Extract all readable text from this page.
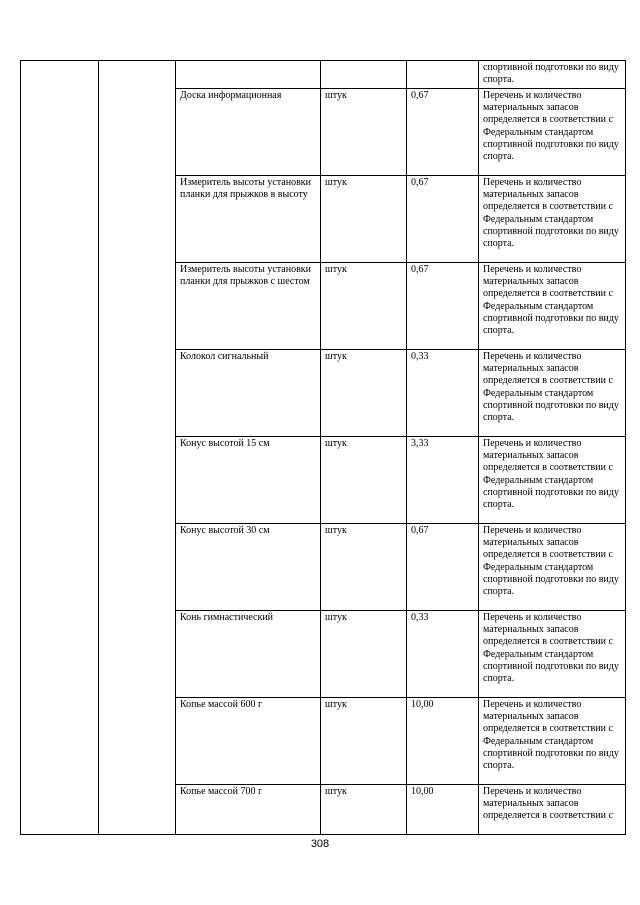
					спортивной подготовки по виду спорта.
		Доска информационная	штук	0,67	Перечень и количество материальных запасов определяется в соответствии с Федеральным стандартом спортивной подготовки по виду спорта.
		Измеритель высоты установки планки для прыжков в высоту	штук	0,67	Перечень и количество материальных запасов определяется в соответствии с Федеральным стандартом спортивной подготовки по виду спорта.
		Измеритель высоты установки планки для прыжков с шестом	штук	0,67	Перечень и количество материальных запасов определяется в соответствии с Федеральным стандартом спортивной подготовки по виду спорта.
		Колокол сигнальный	штук	0,33	Перечень и количество материальных запасов определяется в соответствии с Федеральным стандартом спортивной подготовки по виду спорта.
		Конус высотой 15 см	штук	3,33	Перечень и количество материальных запасов определяется в соответствии с Федеральным стандартом спортивной подготовки по виду спорта.
		Конус высотой 30 см	штук	0,67	Перечень и количество материальных запасов определяется в соответствии с Федеральным стандартом спортивной подготовки по виду спорта.
		Конь гимнастический	штук	0,33	Перечень и количество материальных запасов определяется в соответствии с Федеральным стандартом спортивной подготовки по виду спорта.
		Копье массой 600 г	штук	10,00	Перечень и количество материальных запасов определяется в соответствии с Федеральным стандартом спортивной подготовки по виду спорта.
		Копье массой 700 г	штук	10,00	Перечень и количество материальных запасов определяется в соответствии с
308
